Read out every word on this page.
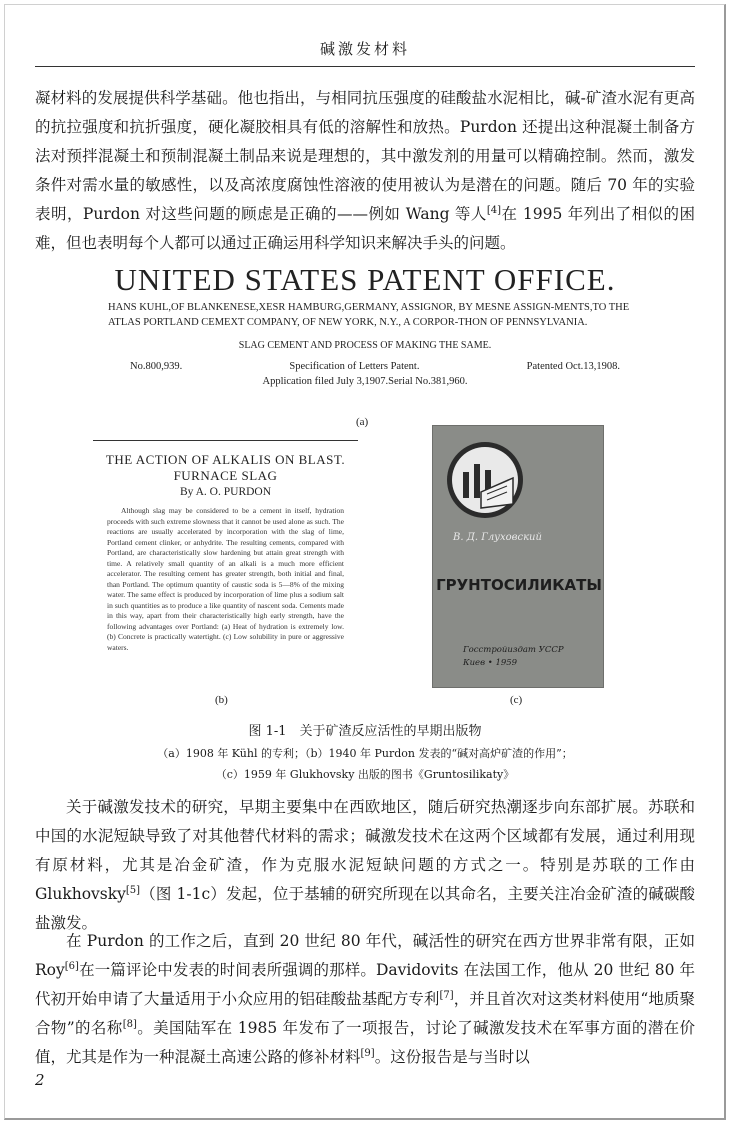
碱激发材料

凝材料的发展提供科学基础。他也指出，与相同抗压强度的硅酸盐水泥相比，碱-矿渣水泥有更高的抗拉强度和抗折强度，硬化凝胶相具有低的溶解性和放热。Purdon 还提出这种混凝土制备方法对预拌混凝土和预制混凝土制品来说是理想的，其中激发剂的用量可以精确控制。然而，激发条件对需水量的敏感性，以及高浓度腐蚀性溶液的使用被认为是潜在的问题。随后 70 年的实验表明，Purdon 对这些问题的顾虑是正确的——例如 Wang 等人[4]在 1995 年列出了相似的困难，但也表明每个人都可以通过正确运用科学知识来解决手头的问题。

UNITED STATES PATENT OFFICE.
HANS KUHL,OF BLANKENESE,XESR HAMBURG,GERMANY, ASSIGNOR, BY MESNE ASSIGN-MENTS,TO THE ATLAS PORTLAND CEMEXT COMPANY, OF NEW YORK, N.Y., A CORPOR-THON OF PENNSYLVANIA.
SLAG CEMENT AND PROCESS OF MAKING THE SAME.
No.800,939.	Specification of Letters Patent.	Patented Oct.13,1908.
Application filed July 3,1907.Serial No.381,960.
(a)
THE ACTION OF ALKALIS ON BLAST.
FURNACE SLAG
By A. O. PURDON
Although slag may be considered to be a cement in itself, hydration proceeds with such extreme slowness that it cannot be used alone as such. The reactions are usually accelerated by incorporation with the slag of lime, Portland cement clinker, or anhydrite. The resulting cements, compared with Portland, are characteristically slow hardening but attain great strength with time. A relatively small quantity of an alkali is a much more efficient accelerator. The resulting cement has greater strength, both initial and final, than Portland. The optimum quantity of caustic soda is 5—8% of the mixing water. The same effect is produced by incorporation of lime plus a sodium salt in such quantities as to produce a like quantity of nascent soda. Cements made in this way, apart from their characteristically high early strength, have the following advantages over Portland: (a) Heat of hydration is extremely low. (b) Concrete is practically watertight. (c) Low solubility in pure or aggressive waters.
(b)
В. Д. Глуховский
ГРУНТОСИЛИКАТЫ
Госстройиздат УССР
Киев • 1959
(c)
图 1-1　关于矿渣反应活性的早期出版物
（a）1908 年 Kühl 的专利；（b）1940 年 Purdon 发表的“碱对高炉矿渣的作用”；
（c）1959 年 Glukhovsky 出版的图书《Gruntosilikaty》

关于碱激发技术的研究，早期主要集中在西欧地区，随后研究热潮逐步向东部扩展。苏联和中国的水泥短缺导致了对其他替代材料的需求；碱激发技术在这两个区域都有发展，通过利用现有原材料，尤其是冶金矿渣，作为克服水泥短缺问题的方式之一。特别是苏联的工作由 Glukhovsky[5]（图 1-1c）发起，位于基辅的研究所现在以其命名，主要关注冶金矿渣的碱碳酸盐激发。

在 Purdon 的工作之后，直到 20 世纪 80 年代，碱活性的研究在西方世界非常有限，正如 Roy[6]在一篇评论中发表的时间表所强调的那样。Davidovits 在法国工作，他从 20 世纪 80 年代初开始申请了大量适用于小众应用的铝硅酸盐基配方专利[7]，并且首次对这类材料使用“地质聚合物”的名称[8]。美国陆军在 1985 年发布了一项报告，讨论了碱激发技术在军事方面的潜在价值，尤其是作为一种混凝土高速公路的修补材料[9]。这份报告是与当时以

2
